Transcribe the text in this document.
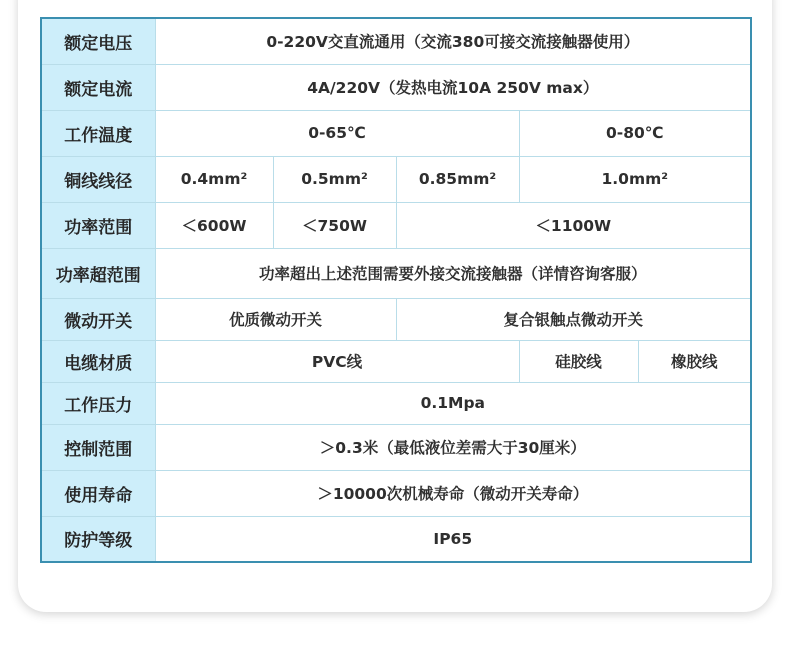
额定电压	0-220V交直流通用（交流380可接交流接触器使用）				
额定电流	4A/220V（发热电流10A 250V max）				
工作温度	0-65℃			0-80℃	
铜线线径	0.4mm²	0.5mm²	0.85mm²	1.0mm²	
功率范围	＜600W	＜750W	＜1100W		
功率超范围	功率超出上述范围需要外接交流接触器（详情咨询客服）				
微动开关	优质微动开关		复合银触点微动开关		
电缆材质	PVC线			硅胶线	橡胶线
工作压力	0.1Mpa				
控制范围	＞0.3米（最低液位差需大于30厘米）				
使用寿命	＞10000次机械寿命（微动开关寿命）				
防护等级	IP65				
